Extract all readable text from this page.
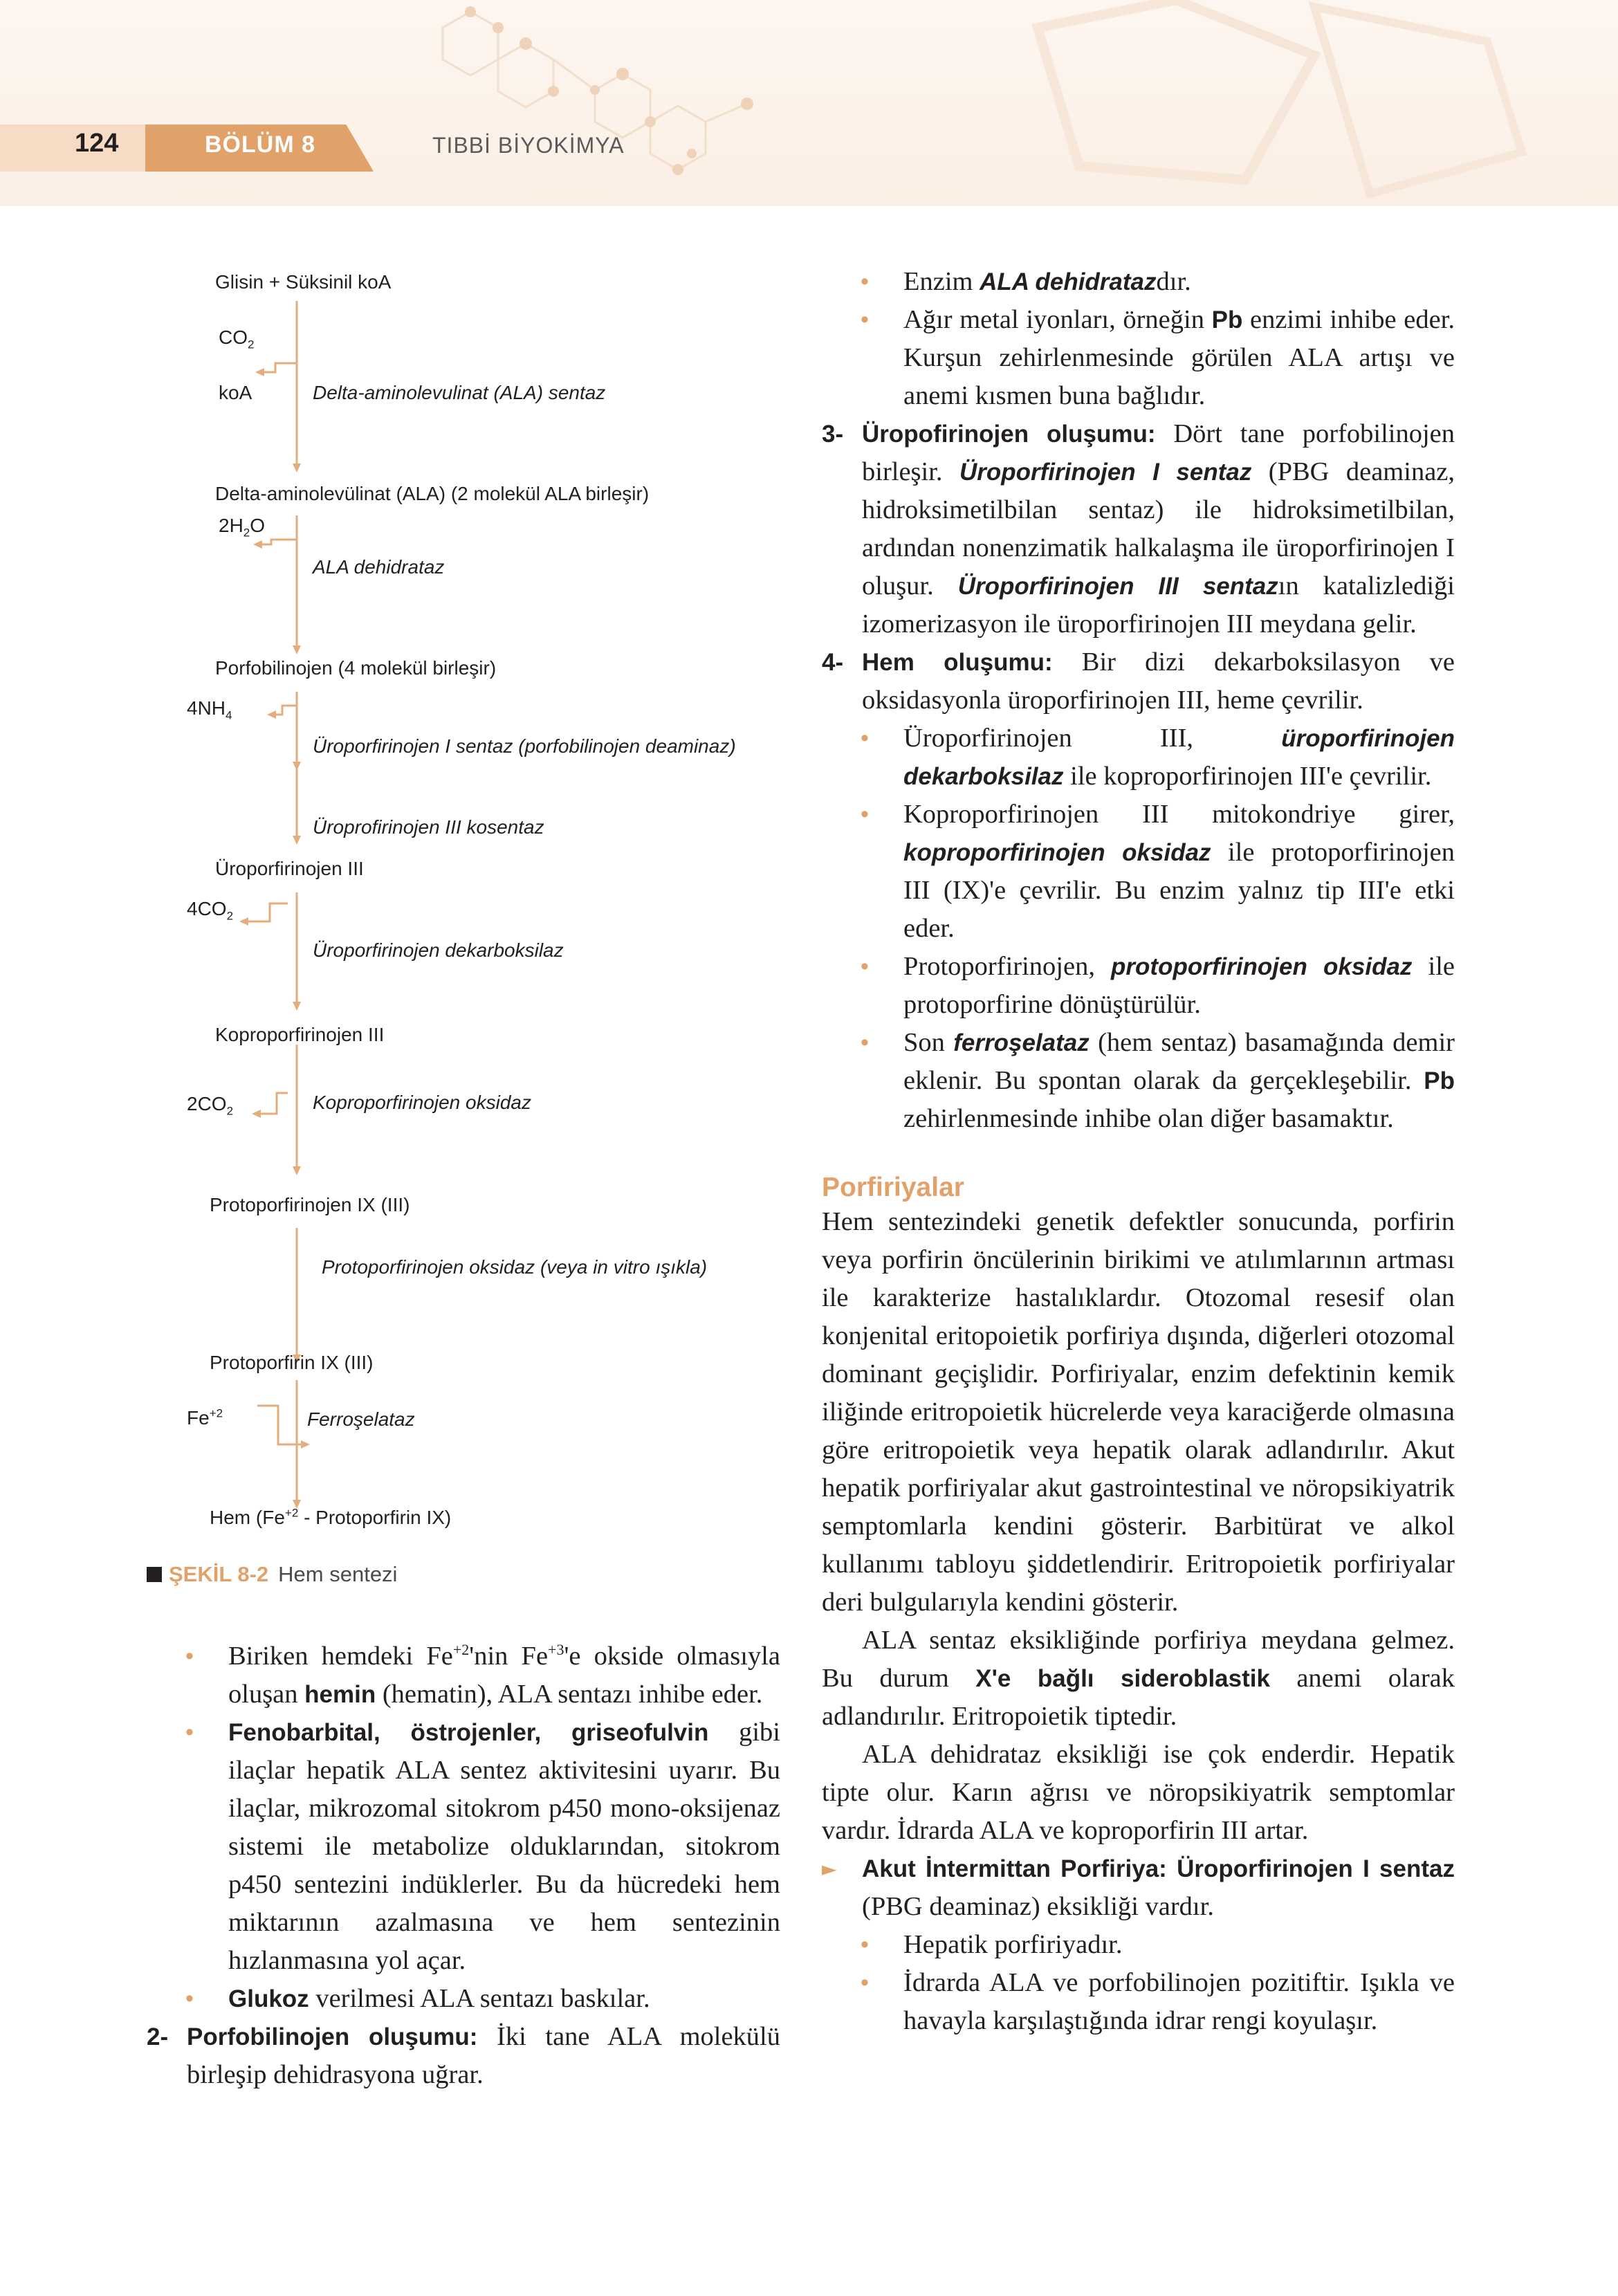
124	BÖLÜM 8	TIBBİ BİYOKİMYA
Glisin + Süksinil koA
$CO_2$
koA	Delta-aminolevulinat (ALA) sentaz
Delta-aminolevülinat (ALA) (2 molekül ALA birleşir)
$2H_2O$
ALA dehidrataz
Porfobilinojen (4 molekül birleşir)
$4NH_4$
Üroporfirinojen I sentaz (porfobilinojen deaminaz)
Üroprofirinojen III kosentaz
Üroporfirinojen III
$4CO_2$
Üroporfirinojen dekarboksilaz
Koproporfirinojen III
$2CO_2$	Koproporfirinojen oksidaz
Protoporfirinojen IX (III)
Protoporfirinojen oksidaz (veya in vitro ışıkla)
Protoporfirin IX (III)
$Fe^{+2}$	Ferroşelataz
Hem ($Fe^{+2}$ - Protoporfirin IX)
ŞEKİL 8-2 Hem sentezi

• Biriken hemdeki $Fe^{+2}'nin$ $Fe^{+3}'e$ okside olmasıyla oluşan hemin (hematin), ALA sentazı inhibe eder.

• Fenobarbital, östrojenler, griseofulvin gibi ilaçlar hepatik ALA sentez aktivitesini uyarır. Bu ilaçlar, mikrozomal sitokrom p450 mono-oksijenaz sistemi ile metabolize olduklarından, sitokrom p450 sentezini indüklerler. Bu da hücredeki hem miktarının azalmasına ve hem sentezinin hızlanmasına yol açar.

• Glukoz verilmesi ALA sentazı baskılar.

2- Porfobilinojen oluşumu: İki tane ALA molekülü birleşip dehidrasyona uğrar.

• Enzim ALA dehidratazdır.

• Ağır metal iyonları, örneğin Pb enzimi inhibe eder. Kurşun zehirlenmesinde görülen ALA artışı ve anemi kısmen buna bağlıdır.

3- Üropofirinojen oluşumu: Dört tane porfobilinojen birleşir. Üroporfirinojen I sentaz (PBG deaminaz, hidroksimetilbilan sentaz) ile hidroksimetilbilan, ardından nonenzimatik halkalaşma ile üroporfirinojen I oluşur. Üroporfirinojen III sentazın katalizlediği izomerizasyon ile üroporfirinojen III meydana gelir.

4- Hem oluşumu: Bir dizi dekarboksilasyon ve oksidasyonla üroporfirinojen III, heme çevrilir.

• Üroporfirinojen III, üroporfirinojen dekarboksilaz ile koproporfirinojen III'e çevrilir.

• Koproporfirinojen III mitokondriye girer, koproporfirinojen oksidaz ile protoporfirinojen III (IX)'e çevrilir. Bu enzim yalnız tip III'e etki eder.

• Protoporfirinojen, protoporfirinojen oksidaz ile protoporfirine dönüştürülür.

• Son ferroşelataz (hem sentaz) basamağında demir eklenir. Bu spontan olarak da gerçekleşebilir. Pb zehirlenmesinde inhibe olan diğer basamaktır.

Porfiriyalar

Hem sentezindeki genetik defektler sonucunda, porfirin veya porfirin öncülerinin birikimi ve atılımlarının artması ile karakterize hastalıklardır. Otozomal resesif olan konjenital eritopoietik porfiriya dışında, diğerleri otozomal dominant geçişlidir. Porfiriyalar, enzim defektinin kemik iliğinde eritropoietik hücrelerde veya karaciğerde olmasına göre eritropoietik veya hepatik olarak adlandırılır. Akut hepatik porfiriyalar akut gastrointestinal ve nöropsikiyatrik semptomlarla kendini gösterir. Barbitürat ve alkol kullanımı tabloyu şiddetlendirir. Eritropoietik porfiriyalar deri bulgularıyla kendini gösterir.

ALA sentaz eksikliğinde porfiriya meydana gelmez. Bu durum X'e bağlı sideroblastik anemi olarak adlandırılır. Eritropoietik tiptedir.

ALA dehidrataz eksikliği ise çok enderdir. Hepatik tipte olur. Karın ağrısı ve nöropsikiyatrik semptomlar vardır. İdrarda ALA ve koproporfirin III artar.

► Akut İntermittan Porfiriya: Üroporfirinojen I sentaz (PBG deaminaz) eksikliği vardır.

• Hepatik porfiriyadır.

• İdrarda ALA ve porfobilinojen pozitiftir. Işıkla ve havayla karşılaştığında idrar rengi koyulaşır.
